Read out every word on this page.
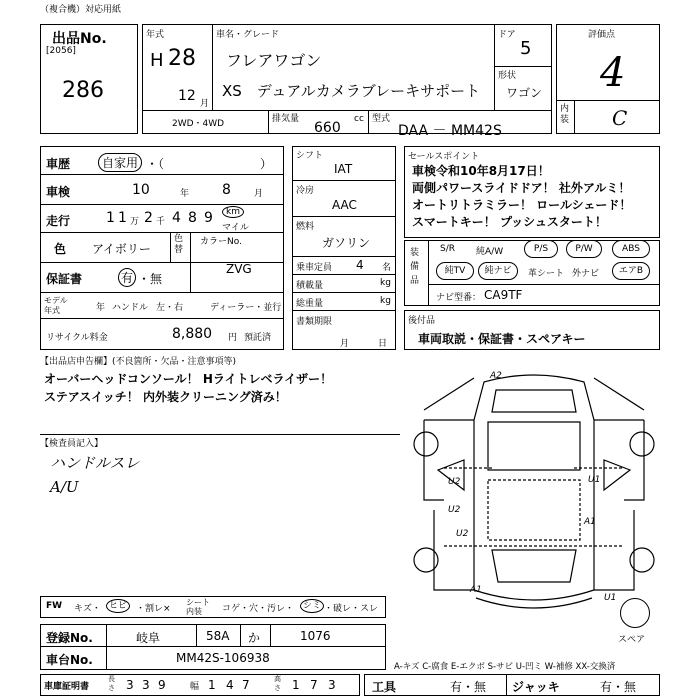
（複合機）対応用紙
出品No.
[2056]
286
年式
H 28
12 月
車名・グレード
フレアワゴン
XS　デュアルカメラブレーキサポート
ドア
5
形状
ワゴン
2WD・4WD	排気量
660
cc 型式
DAA － MM42S
評価点
4
内装 C
車歴	自家用 ・（　　　　　　　　）
車検	10	年 8	月
走行	1 1 万 2 千 4 8 9	km
マイル
色 アイボリー
色替
カラーNo.
ZVG
保証書	有 ・無
モデル年式	年 ハンドル 左・右	ディーラー・並行
リサイクル料金	8,880 円 預託済
シフト
IAT
冷房
AAC
燃料
ガソリン
乗車定員 4 名
積載量	kg
総重量	kg
書類期限
月	日
セールスポイント
車検令和10年8月17日！
両側パワースライドドア！ 社外アルミ！
オートリトラミラー！ ロールシェード！
スマートキー！ プッシュスタート！
装備品
S/R 純A/W	P/S	P/W	ABS
純TV	純ナビ	革シート 外ナビ	エアB
ナビ型番： CA9TF
後付品
車両取説・保証書・スペアキー
【出品店申告欄】(不良箇所・欠品・注意事項等)
オーバーヘッドコンソール！ Hライトレベライザー！
ステアスイッチ！ 内外装クリーニング済み！
【検査員記入】
ハンドルスレ
A/U
A2
U2
U2
A1
U1
U2
U1
A1
スペア
FW キズ・ ヒビ ・割レ×
シート内装	コゲ・穴・汚レ・ シミ ・破レ・スレ
登録No.	岐阜	58A か	1076
車台No.	MM42S-106938
A-キズ C-腐食 E-エクボ S-サビ U-凹ミ W-補修 XX-交換済
車庫証明書
長さ 3 3 9	幅 1 4 7	高さ 1 7 3	工具	有・無 ジャッキ	有・無
